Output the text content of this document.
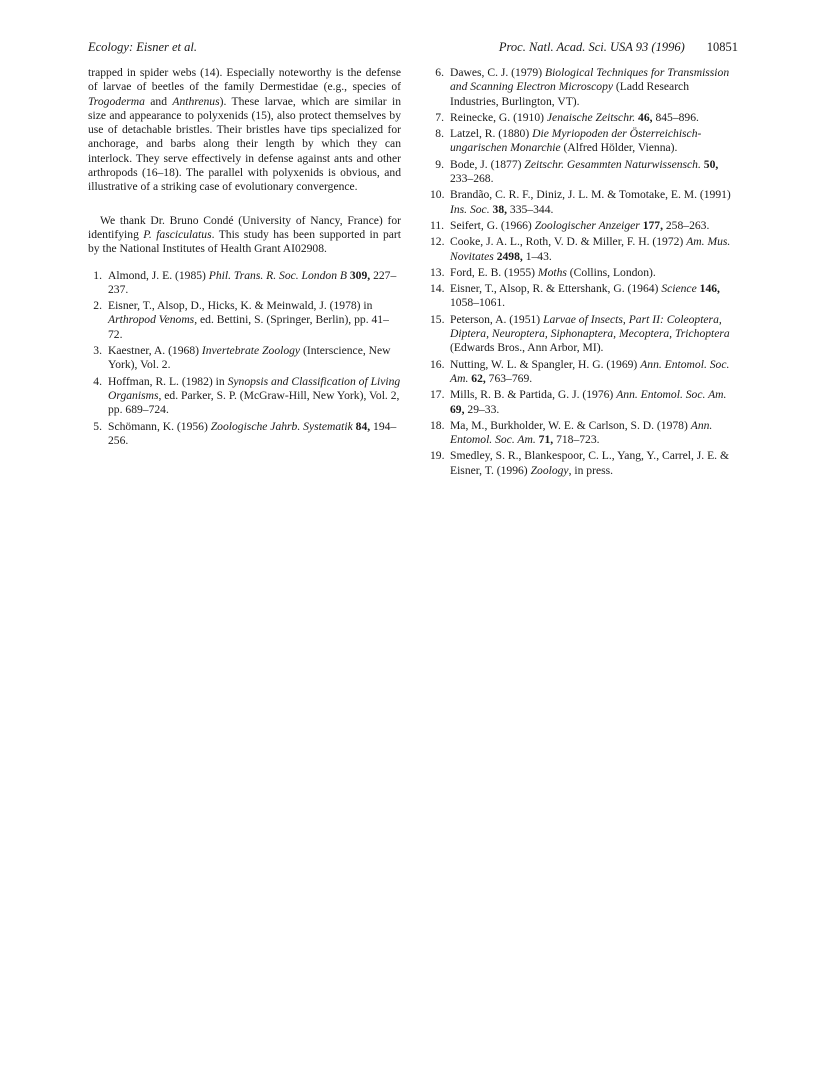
Ecology: Eisner et al.	Proc. Natl. Acad. Sci. USA 93 (1996) 10851

trapped in spider webs (14). Especially noteworthy is the defense of larvae of beetles of the family Dermestidae (e.g., species of Trogoderma and Anthrenus). These larvae, which are similar in size and appearance to polyxenids (15), also protect themselves by use of detachable bristles. Their bristles have tips specialized for anchorage, and barbs along their length by which they can interlock. They serve effectively in defense against ants and other arthropods (16–18). The parallel with polyxenids is obvious, and illustrative of a striking case of evolutionary convergence.

We thank Dr. Bruno Condé (University of Nancy, France) for identifying P. fasciculatus. This study has been supported in part by the National Institutes of Health Grant AI02908.

1. Almond, J. E. (1985) Phil. Trans. R. Soc. London B 309, 227–237.
2. Eisner, T., Alsop, D., Hicks, K. & Meinwald, J. (1978) in Arthropod Venoms, ed. Bettini, S. (Springer, Berlin), pp. 41–72.
3. Kaestner, A. (1968) Invertebrate Zoology (Interscience, New York), Vol. 2.
4. Hoffman, R. L. (1982) in Synopsis and Classification of Living Organisms, ed. Parker, S. P. (McGraw-Hill, New York), Vol. 2, pp. 689–724.
5. Schömann, K. (1956) Zoologische Jahrb. Systematik 84, 194–256.
6. Dawes, C. J. (1979) Biological Techniques for Transmission and Scanning Electron Microscopy (Ladd Research Industries, Burlington, VT).
7. Reinecke, G. (1910) Jenaische Zeitschr. 46, 845–896.
8. Latzel, R. (1880) Die Myriopoden der Österreichisch-ungarischen Monarchie (Alfred Hölder, Vienna).
9. Bode, J. (1877) Zeitschr. Gesammten Naturwissensch. 50, 233–268.
10. Brandão, C. R. F., Diniz, J. L. M. & Tomotake, E. M. (1991) Ins. Soc. 38, 335–344.
11. Seifert, G. (1966) Zoologischer Anzeiger 177, 258–263.
12. Cooke, J. A. L., Roth, V. D. & Miller, F. H. (1972) Am. Mus. Novitates 2498, 1–43.
13. Ford, E. B. (1955) Moths (Collins, London).
14. Eisner, T., Alsop, R. & Ettershank, G. (1964) Science 146, 1058–1061.
15. Peterson, A. (1951) Larvae of Insects, Part II: Coleoptera, Diptera, Neuroptera, Siphonaptera, Mecoptera, Trichoptera (Edwards Bros., Ann Arbor, MI).
16. Nutting, W. L. & Spangler, H. G. (1969) Ann. Entomol. Soc. Am. 62, 763–769.
17. Mills, R. B. & Partida, G. J. (1976) Ann. Entomol. Soc. Am. 69, 29–33.
18. Ma, M., Burkholder, W. E. & Carlson, S. D. (1978) Ann. Entomol. Soc. Am. 71, 718–723.
19. Smedley, S. R., Blankespoor, C. L., Yang, Y., Carrel, J. E. & Eisner, T. (1996) Zoology, in press.
